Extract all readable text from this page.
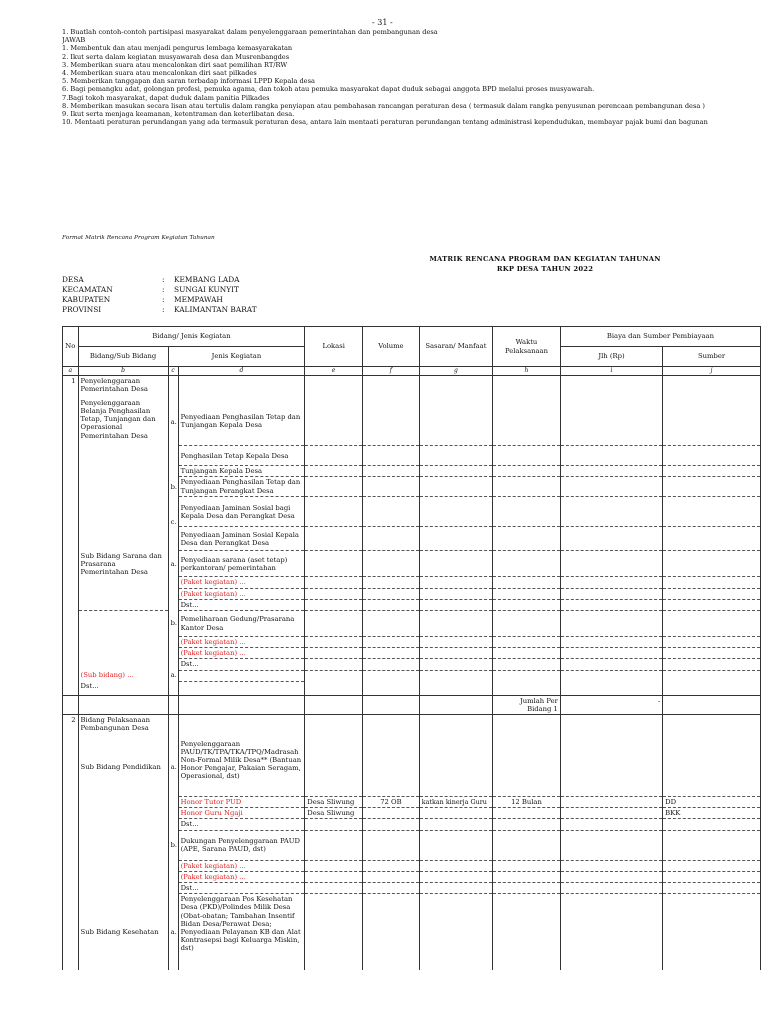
- 31 -
1. Buatlah contoh-contoh partisipasi masyarakat dalam penyelenggaraan pemerintahan dan pembangunan desa
JAWAB
1. Membentuk dan atau menjadi pengurus lembaga kemasyarakatan
2. Ikut serta dalam kegiatan musyawarah desa dan Musrenbangdes
3. Memberikan suara atau mencalonkan diri saat pemilihan RT/RW
4. Memberikan suara atau mencalonkan diri saat pilkades
5. Memberikan tanggapan dan saran terbadap informasi LPPD Kepala desa
6. Bagi pemangku adat, golongan profesi, pemuka agama, dan tokoh atau pemuka masyarakat dapat duduk sebagai anggota BPD melalui proses musyawarah.
7.Bagi tokoh masyarakat, dapat duduk dalam panitia Pilkades
8. Memberikan masukan secara lisan atau tertulis dalam rangka penyiapan atau pembahasan rancangan peraturan desa ( termasuk dalam rangka penyusunan perencaan pembangunan desa )
9. Ikut serta menjaga keamanan, ketentraman dan keterlibatan desa.
10. Mentaati peraturan perundangan yang ada termasuk peraturan desa, antara lain mentaati peraturan perundangan tentang administrasi kependudukan, membayar pajak bumi dan bagunan
Format Matrik Rencana Program Kegiatan Tahunan
MATRIK RENCANA PROGRAM DAN KEGIATAN TAHUNAN
RKP DESA TAHUN 2022
DESA	:	KEMBANG LADA
KECAMATAN	:	SUNGAI KUNYIT
KABUPATEN	:	MEMPAWAH
PROVINSI	:	KALIMANTAN BARAT
No	Bidang/ Jenis Kegiatan			Lokasi	Volume	Sasaran/ Manfaat	Waktu Pelaksanaan	Biaya dan Sumber Pembiayaan	
	Bidang/Sub Bidang	Jenis Kegiatan						Jlh (Rp)	Sumber
a	b	c	d	e	f	g	h	i	j
1	Penyelenggaraan Pemerintahan Desa								
	Penyelenggaraan Belanja Penghasilan Tetap, Tunjangan dan Operasional Pemerintahan Desa	a.	Penyediaan Penghasilan Tetap dan Tunjangan Kepala Desa						
			Penghasilan Tetap Kepala Desa						
			Tunjangan Kepala Desa						
		b.	Penyediaan Penghasilan Tetap dan Tunjangan Perangkat Desa						
		c.	Penyediaan Jaminan Sosial bagi Kepala Desa dan Perangkat Desa						
			Penyediaan Jaminan Sosial Kepala Desa dan Perangkat Desa						
	Sub Bidang Sarana dan Prasarana Pemerintahan Desa	a.	Penyediaan sarana (aset tetap) perkantoran/ pemerintahan						
			(Paket kegiatan) ...						
			(Paket kegiatan) ...						
			Dst...						
		b.	Pemeliharaan Gedung/Prasarana Kantor Desa						
			(Paket kegiatan) ...						
			(Paket kegiatan) ...						
			Dst...						
	(Sub bidang) ...	a.							
	Dst...								
							Jumlah Per Bidang 1	-	
2	Bidang Pelaksanaan Pembangunan Desa								
	Sub Bidang Pendidikan	a.	Penyelenggaraan PAUD/TK/TPA/TKA/TPQ/Madrasah Non-Formal Milik Desa** (Bantuan Honor Pengajar, Pakaian Seragam, Operasional, dst)						
			Honor Tutor PUD	Desa Sliwung	72 OB	katkan kinerja Guru	12 Bulan		DD
			Honor Guru Ngaji	Desa Sliwung					BKK
			Dst...						
		b.	Dukungan Penyelenggaraan PAUD (APE, Sarana PAUD, dst)						
			(Paket kegiatan) ...						
			(Paket kegiatan) ...						
			Dst...						
	Sub Bidang Kesehatan	a.	Penyelenggaraan Pos Kesehatan Desa (PKD)/Polindes Milik Desa (Obat-obatan; Tambahan Insentif Bidan Desa/Perawat Desa; Penyediaan Pelayanan KB dan Alat Kontrasepsi bagi Keluarga Miskin, dst)						
